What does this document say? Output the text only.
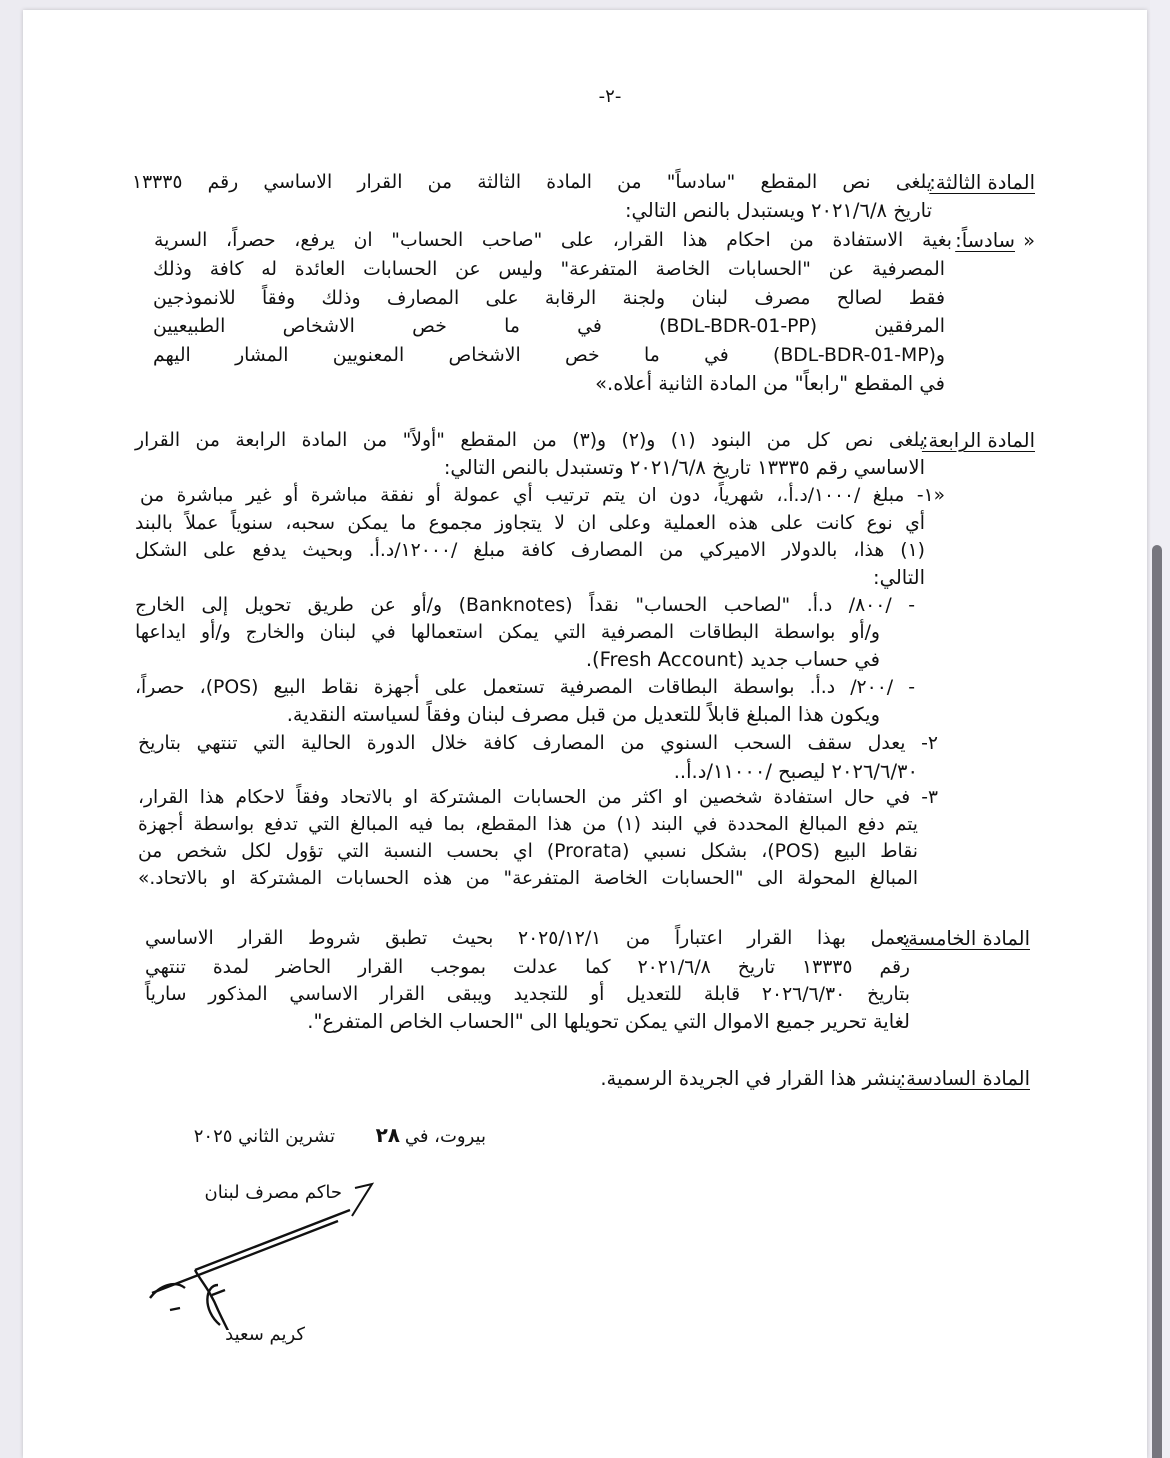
-٢-
المادة الثالثة:
يلغى نص المقطع "سادساً" من المادة الثالثة من القرار الاساسي رقم ١٣٣٣٥
تاريخ ٢٠٢١/٦/٨ ويستبدل بالنص التالي:
«
سادساً:
بغية الاستفادة من احكام هذا القرار، على "صاحب الحساب" ان يرفع، حصراً، السرية
المصرفية عن "الحسابات الخاصة المتفرعة" وليس عن الحسابات العائدة له كافة وذلك
فقط لصالح مصرف لبنان ولجنة الرقابة على المصارف وذلك وفقاً للانموذجين
المرفقين (BDL-BDR-01-PP) في ما خص الاشخاص الطبيعيين
و(BDL-BDR-01-MP) في ما خص الاشخاص المعنويين المشار اليهم
في المقطع "رابعاً" من المادة الثانية أعلاه.»
المادة الرابعة:
يلغى نص كل من البنود (١) و(٢) و(٣) من المقطع "أولاً" من المادة الرابعة من القرار
الاساسي رقم ١٣٣٣٥ تاريخ ٢٠٢١/٦/٨ وتستبدل بالنص التالي:
«١- مبلغ /١٠٠٠/د.أ.، شهرياً، دون ان يتم ترتيب أي عمولة أو نفقة مباشرة أو غير مباشرة من
أي نوع كانت على هذه العملية وعلى ان لا يتجاوز مجموع ما يمكن سحبه، سنوياً عملاً بالبند
(١) هذا، بالدولار الاميركي من المصارف كافة مبلغ /١٢٠٠٠/د.أ. وبحيث يدفع على الشكل
التالي:
- /٨٠٠/ د.أ. "لصاحب الحساب" نقداً (Banknotes) و/أو عن طريق تحويل إلى الخارج
و/أو بواسطة البطاقات المصرفية التي يمكن استعمالها في لبنان والخارج و/أو ايداعها
في حساب جديد (Fresh Account).
- /٢٠٠/ د.أ. بواسطة البطاقات المصرفية تستعمل على أجهزة نقاط البيع (POS)، حصراً،
ويكون هذا المبلغ قابلاً للتعديل من قبل مصرف لبنان وفقاً لسياسته النقدية.
٢- يعدل سقف السحب السنوي من المصارف كافة خلال الدورة الحالية التي تنتهي بتاريخ
٢٠٢٦/٦/٣٠ ليصبح /١١٠٠٠/د.أ..
٣- في حال استفادة شخصين او اكثر من الحسابات المشتركة او بالاتحاد وفقاً لاحكام هذا القرار،
يتم دفع المبالغ المحددة في البند (١) من هذا المقطع، بما فيه المبالغ التي تدفع بواسطة أجهزة
نقاط البيع (POS)، بشكل نسبي (Prorata) اي بحسب النسبة التي تؤول لكل شخص من
المبالغ المحولة الى "الحسابات الخاصة المتفرعة" من هذه الحسابات المشتركة او بالاتحاد.»
المادة الخامسة:
يعمل بهذا القرار اعتباراً من ٢٠٢٥/١٢/١ بحيث تطبق شروط القرار الاساسي
رقم ١٣٣٣٥ تاريخ ٢٠٢١/٦/٨ كما عدلت بموجب القرار الحاضر لمدة تنتهي
بتاريخ ٢٠٢٦/٦/٣٠ قابلة للتعديل أو للتجديد ويبقى القرار الاساسي المذكور سارياً
لغاية تحرير جميع الاموال التي يمكن تحويلها الى "الحساب الخاص المتفرع".
المادة السادسة:
ينشر هذا القرار في الجريدة الرسمية.
بيروت، في
٢٨
تشرين الثاني ٢٠٢٥
حاكم مصرف لبنان
كريم سعيد
